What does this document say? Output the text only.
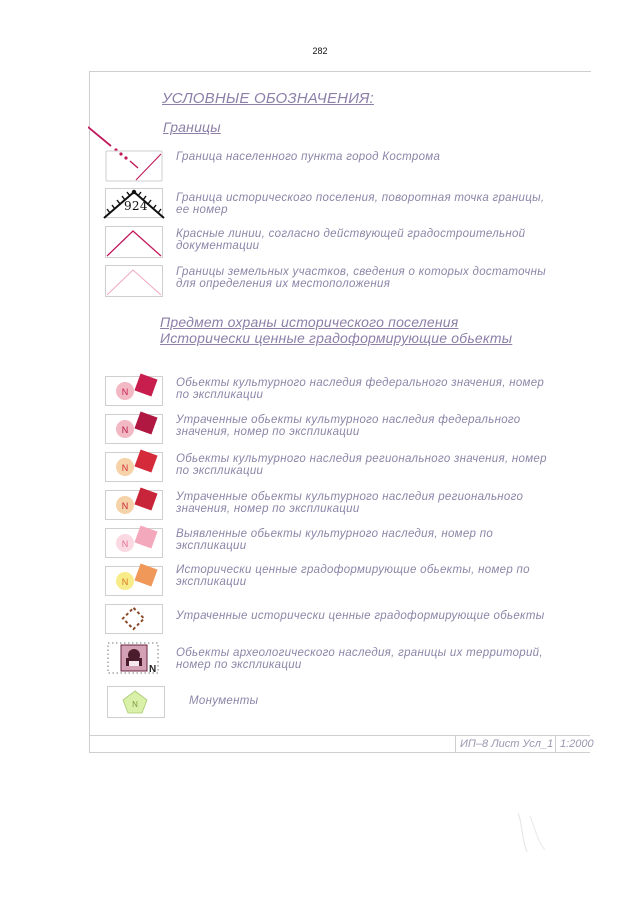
282
УСЛОВНЫЕ ОБОЗНАЧЕНИЯ:
Границы
Граница населенного пункта город Кострома
924
Граница исторического поселения, поворотная точка границы,
ее номер
Красные линии, согласно действующей градостроительной
документации
Границы земельных участков, сведения о которых достаточны
для определения их местоположения
Предмет охраны исторического поселения
Исторически ценные градоформирующие обьекты
N
Обьекты культурного наследия федерального значения, номер
по экспликации
N
Утраченные обьекты культурного наследия федерального
значения, номер по экспликации
N
Обьекты культурного наследия регионального значения, номер
по экспликации
N
Утраченные обьекты культурного наследия регионального
значения, номер по экспликации
N
Выявленные обьекты культурного наследия, номер по
экспликации
N
Исторически ценные градоформирующие обьекты, номер по
экспликации
Утраченные исторически ценные градоформирующие обьекты
N
Обьекты археологического наследия, границы их территорий,
номер по экспликации
N	Монументы
ИП–8 Лист Усл_1 1:2000
